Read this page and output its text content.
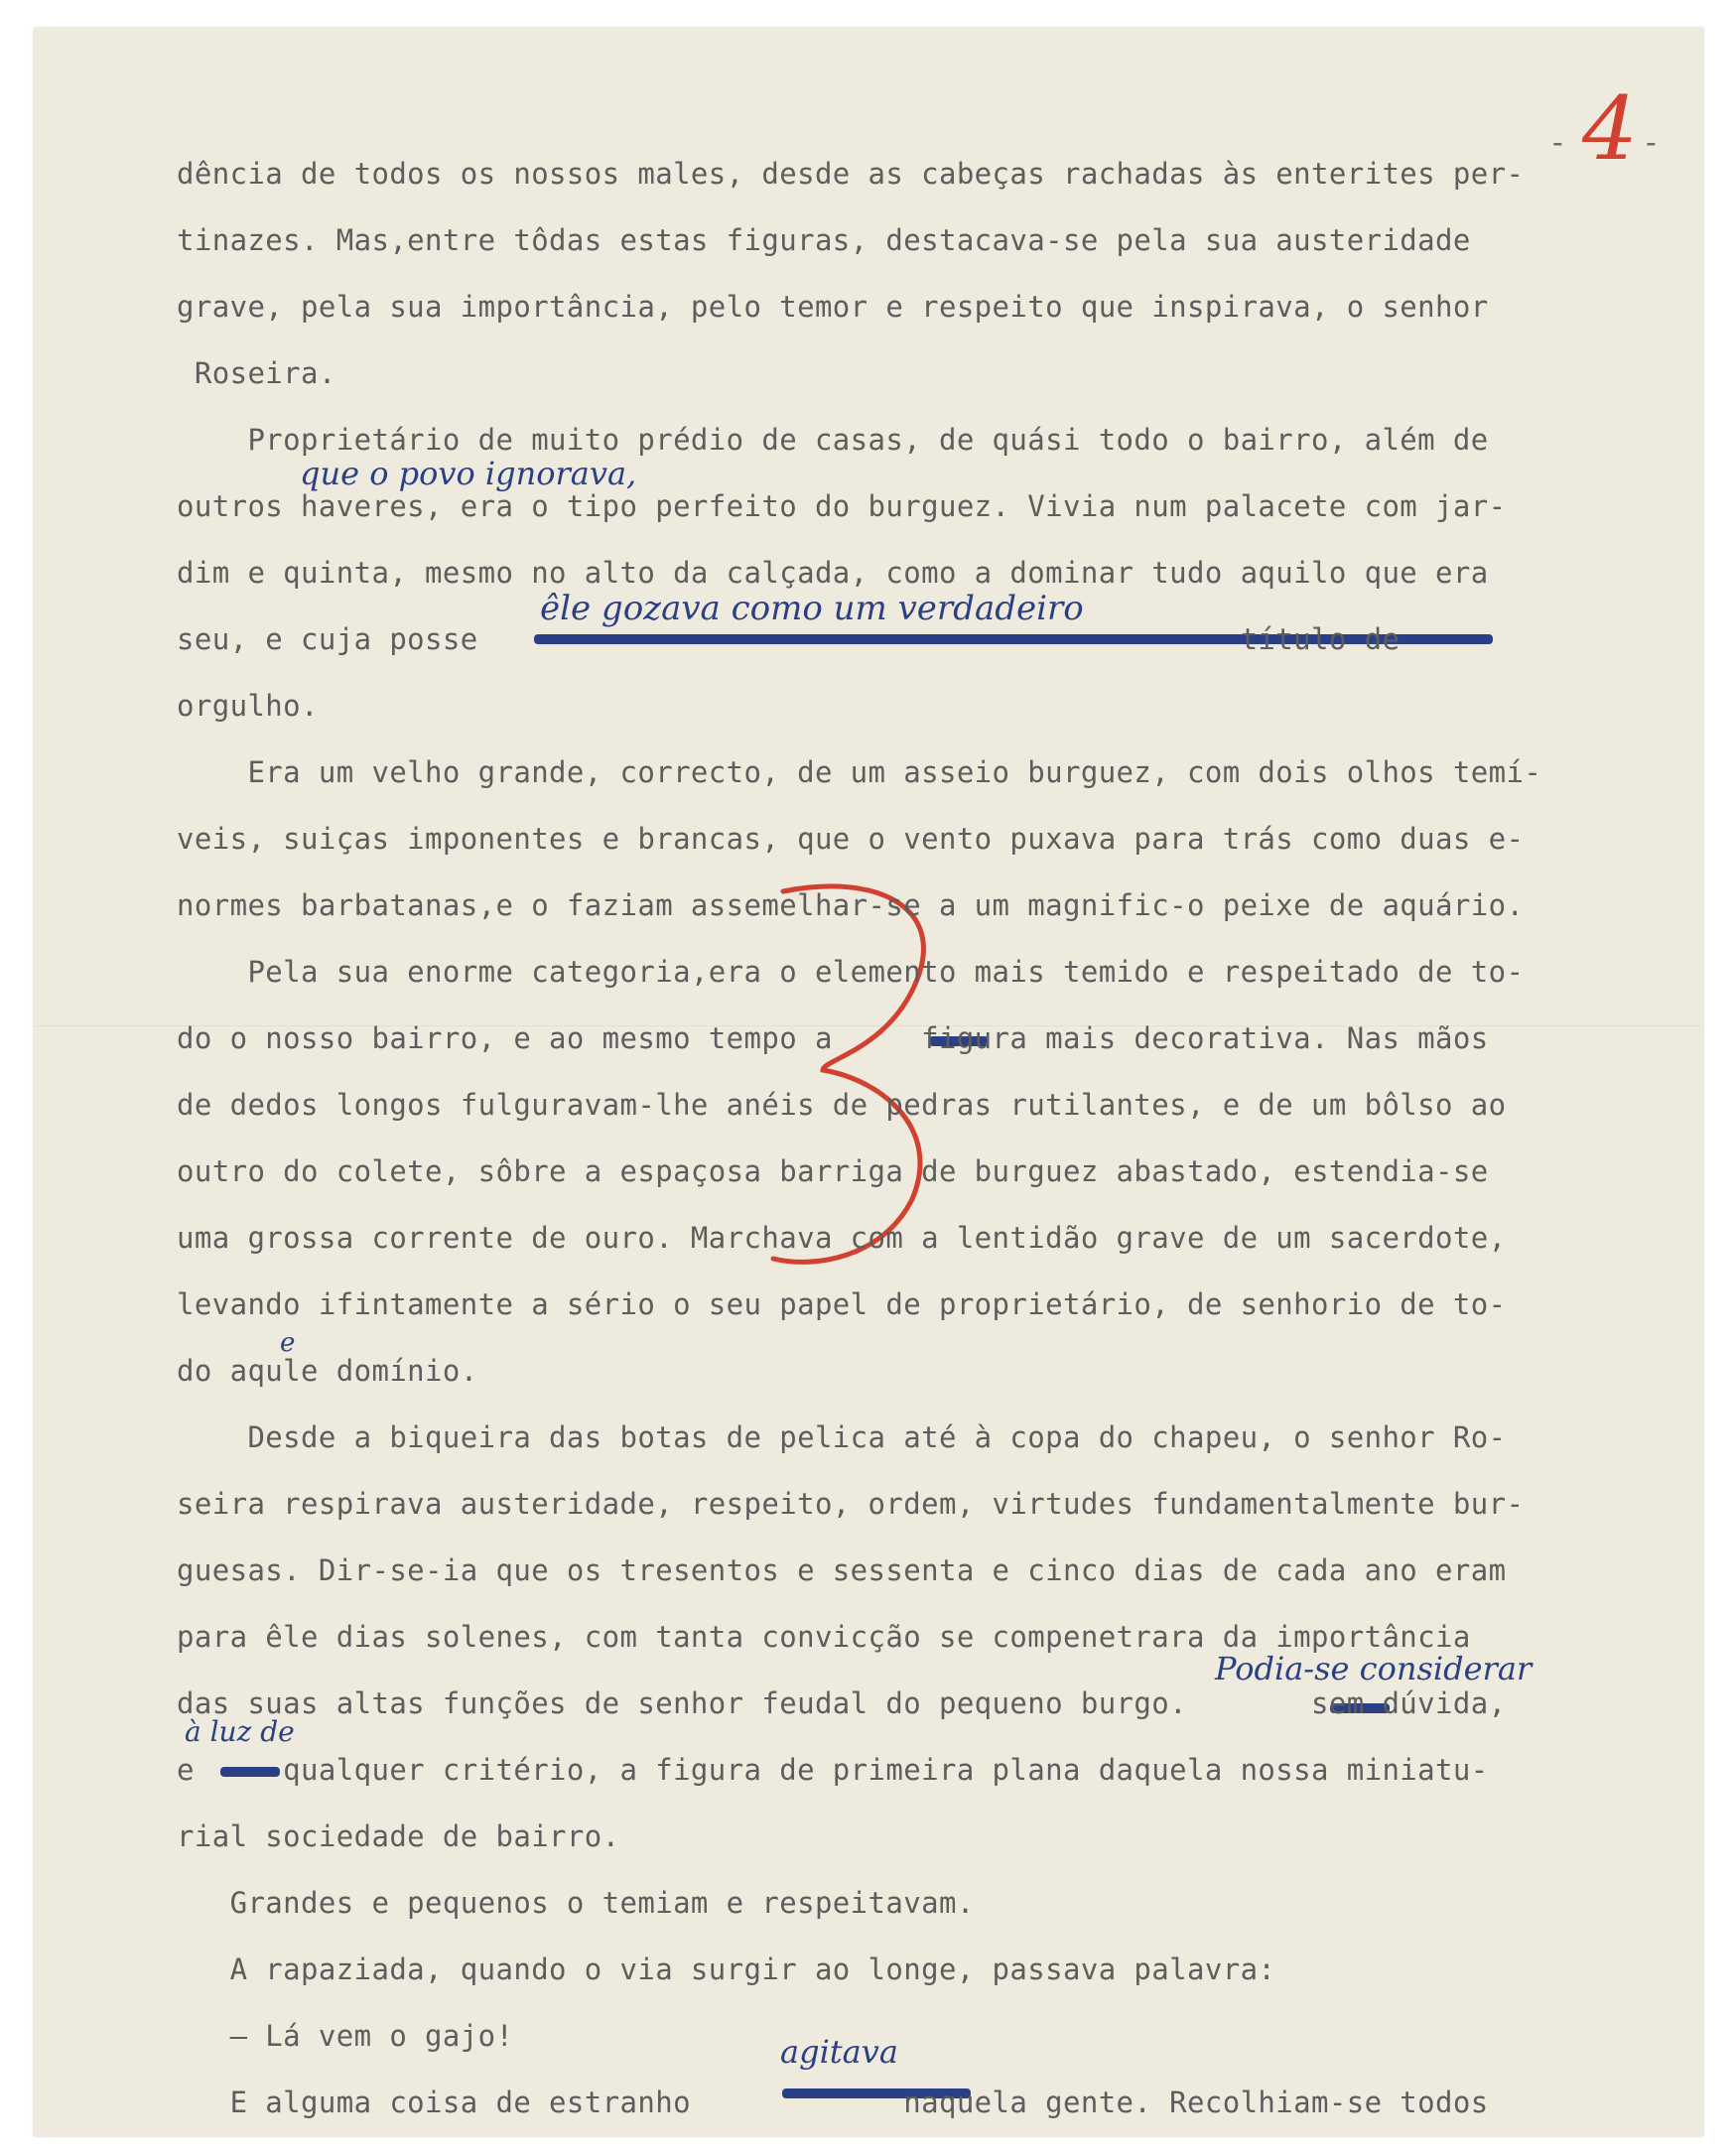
- 4 -
que o povo ignorava,
êle gozava como um verdadeiro
Podia-se considerar
à luz de
e
agitava

dência de todos os nossos males, desde as cabeças rachadas às enterites per-

tinazes. Mas,entre tôdas estas figuras, destacava-se pela sua austeridade

grave, pela sua importância, pelo temor e respeito que inspirava, o senhor

Roseira.

Proprietário de muito prédio de casas, de quási todo o bairro, além de

outros haveres, era o tipo perfeito do burguez. Vivia num palacete com jar-

dim e quinta, mesmo no alto da calçada, como a dominar tudo aquilo que era

seu, e cuja posse                                           título de

orgulho.

Era um velho grande, correcto, de um asseio burguez, com dois olhos temí-

veis, suiças imponentes e brancas, que o vento puxava para trás como duas e-

normes barbatanas,e o faziam assemelhar-se a um magnific-o peixe de aquário.

Pela sua enorme categoria,era o elemento mais temido e respeitado de to-

do o nosso bairro, e ao mesmo tempo a     figura mais decorativa. Nas mãos

de dedos longos fulguravam-lhe anéis de pedras rutilantes, e de um bôlso ao

outro do colete, sôbre a espaçosa barriga de burguez abastado, estendia-se

uma grossa corrente de ouro. Marchava com a lentidão grave de um sacerdote,

levando ifintamente a sério o seu papel de proprietário, de senhorio de to-

do aqule domínio.

Desde a biqueira das botas de pelica até à copa do chapeu, o senhor Ro-

seira respirava austeridade, respeito, ordem, virtudes fundamentalmente bur-

guesas. Dir-se-ia que os tresentos e sessenta e cinco dias de cada ano eram

para êle dias solenes, com tanta convicção se compenetrara da importância

das suas altas funções de senhor feudal do pequeno burgo.       sem dúvida,

e     qualquer critério, a figura de primeira plana daquela nossa miniatu-

rial sociedade de bairro.

Grandes e pequenos o temiam e respeitavam.

A rapaziada, quando o via surgir ao longe, passava palavra:

— Lá vem o gajo!

E alguma coisa de estranho            naquela gente. Recolhiam-se todos
